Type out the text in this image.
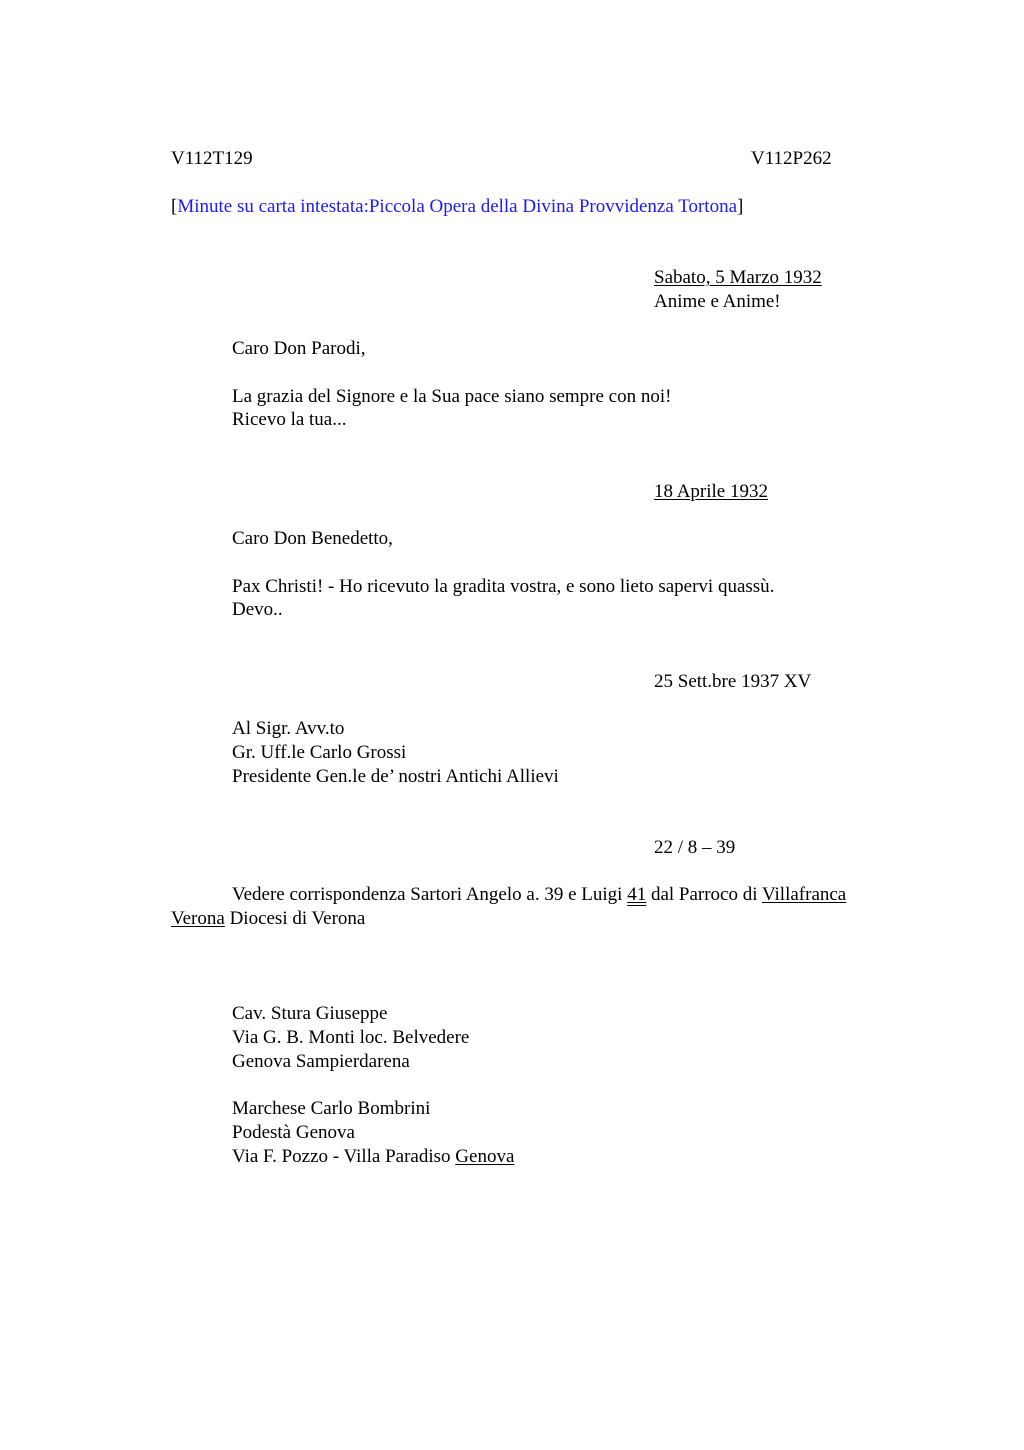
V112T129	V112P262
[Minute su carta intestata:Piccola Opera della Divina Provvidenza Tortona]
Sabato, 5 Marzo 1932
Anime e Anime!
Caro Don Parodi,
La grazia del Signore e la Sua pace siano sempre con noi!
Ricevo la tua...
18 Aprile 1932
Caro Don Benedetto,
Pax Christi! - Ho ricevuto la gradita vostra, e sono lieto sapervi quassù.
Devo..
25 Sett.bre 1937 XV
Al Sigr. Avv.to
Gr. Uff.le Carlo Grossi
Presidente Gen.le de’ nostri Antichi Allievi
22 / 8 – 39
Vedere corrispondenza Sartori Angelo a. 39 e Luigi 41 dal Parroco di Villafranca
Verona Diocesi di Verona
Cav. Stura Giuseppe
Via G. B. Monti loc. Belvedere
Genova Sampierdarena
Marchese Carlo Bombrini
Podestà Genova
Via F. Pozzo - Villa Paradiso Genova
